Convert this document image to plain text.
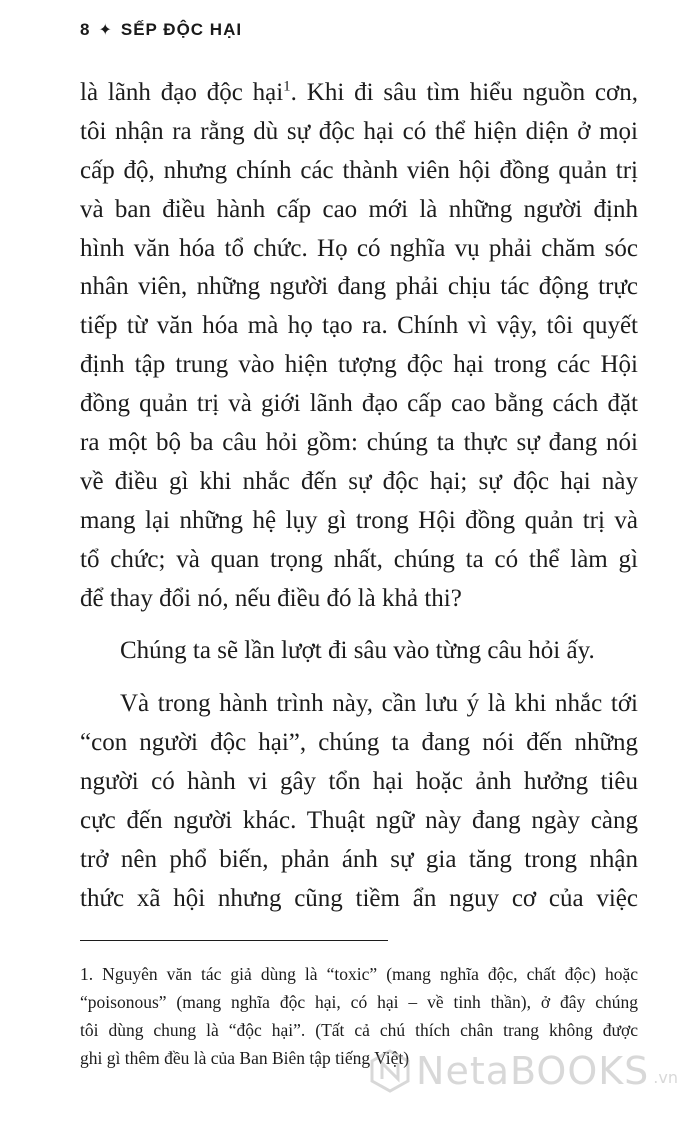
8 ✦ SẾP ĐỘC HẠI
là lãnh đạo độc hại$^1$. Khi đi sâu tìm hiểu nguồn cơn,
tôi nhận ra rằng dù sự độc hại có thể hiện diện ở mọi
cấp độ, nhưng chính các thành viên hội đồng quản trị
và ban điều hành cấp cao mới là những người định
hình văn hóa tổ chức. Họ có nghĩa vụ phải chăm sóc
nhân viên, những người đang phải chịu tác động trực
tiếp từ văn hóa mà họ tạo ra. Chính vì vậy, tôi quyết
định tập trung vào hiện tượng độc hại trong các Hội
đồng quản trị và giới lãnh đạo cấp cao bằng cách đặt
ra một bộ ba câu hỏi gồm: chúng ta thực sự đang nói
về điều gì khi nhắc đến sự độc hại; sự độc hại này
mang lại những hệ lụy gì trong Hội đồng quản trị và
tổ chức; và quan trọng nhất, chúng ta có thể làm gì
để thay đổi nó, nếu điều đó là khả thi?
Chúng ta sẽ lần lượt đi sâu vào từng câu hỏi ấy.
Và trong hành trình này, cần lưu ý là khi nhắc tới
“con người độc hại”, chúng ta đang nói đến những
người có hành vi gây tổn hại hoặc ảnh hưởng tiêu
cực đến người khác. Thuật ngữ này đang ngày càng
trở nên phổ biến, phản ánh sự gia tăng trong nhận
thức xã hội nhưng cũng tiềm ẩn nguy cơ của việc
1. Nguyên văn tác giả dùng là “toxic” (mang nghĩa độc, chất độc) hoặc
“poisonous” (mang nghĩa độc hại, có hại – về tinh thần), ở đây chúng
tôi dùng chung là “độc hại”. (Tất cả chú thích chân trang không được
ghi gì thêm đều là của Ban Biên tập tiếng Việt) NetaBOOKS .vn
